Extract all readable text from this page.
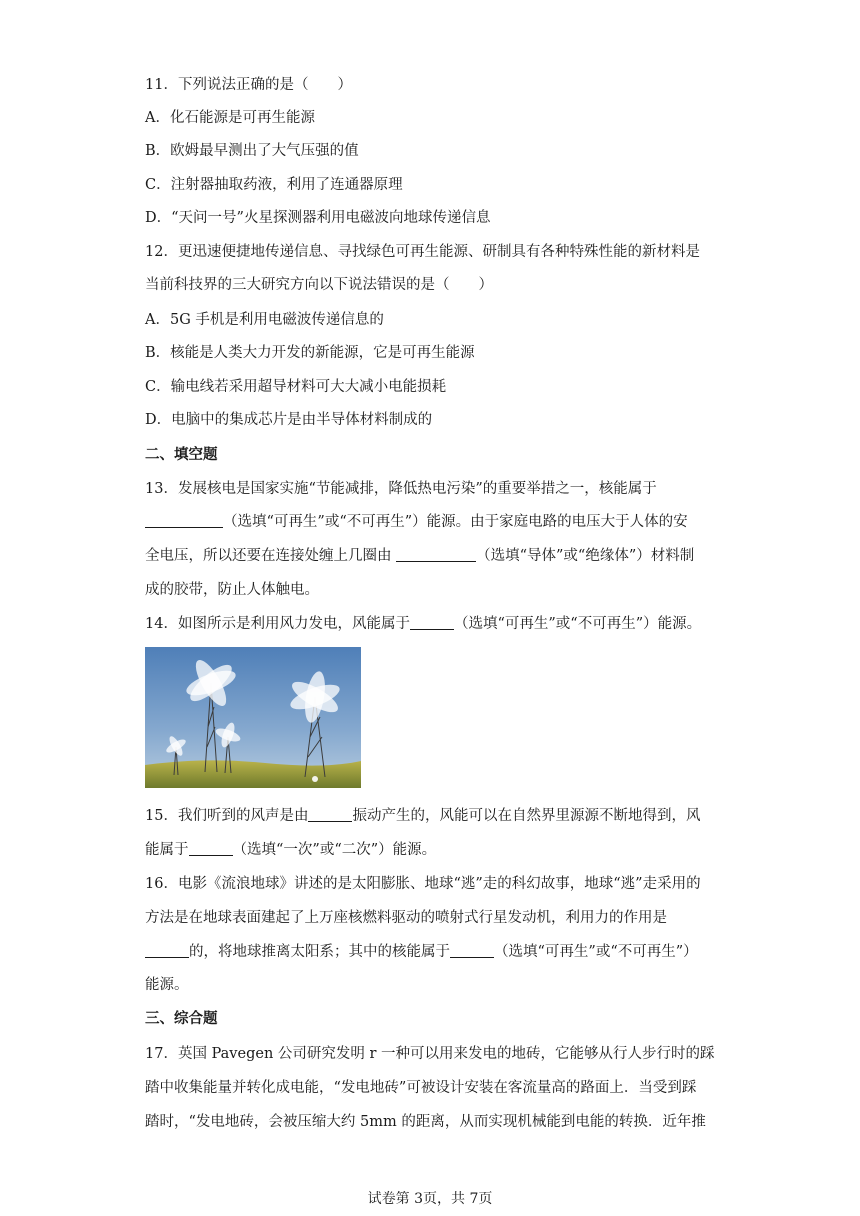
11．下列说法正确的是（　　）
A．化石能源是可再生能源
B．欧姆最早测出了大气压强的值
C．注射器抽取药液，利用了连通器原理
D．“天问一号”火星探测器利用电磁波向地球传递信息
12．更迅速便捷地传递信息、寻找绿色可再生能源、研制具有各种特殊性能的新材料是
当前科技界的三大研究方向以下说法错误的是（　　）
A．5G 手机是利用电磁波传递信息的
B．核能是人类大力开发的新能源，它是可再生能源
C．输电线若采用超导材料可大大减小电能损耗
D．电脑中的集成芯片是由半导体材料制成的
二、填空题
13．发展核电是国家实施“节能减排，降低热电污染”的重要举措之一，核能属于
（选填“可再生”或“不可再生”）能源。由于家庭电路的电压大于人体的安
全电压，所以还要在连接处缠上几圈由	（选填“导体”或“绝缘体”）材料制
成的胶带，防止人体触电。
14．如图所示是利用风力发电，风能属于	（选填“可再生”或“不可再生”）能源。
15．我们听到的风声是由	振动产生的，风能可以在自然界里源源不断地得到，风
能属于	（选填“一次”或“二次”）能源。
16．电影《流浪地球》讲述的是太阳膨胀、地球“逃”走的科幻故事，地球“逃”走采用的
方法是在地球表面建起了上万座核燃料驱动的喷射式行星发动机，利用力的作用是
的，将地球推离太阳系；其中的核能属于	（选填“可再生”或“不可再生”）
能源。
三、综合题
17．英国 Pavegen 公司研究发明 r 一种可以用来发电的地砖，它能够从行人步行时的踩
踏中收集能量并转化成电能，“发电地砖”可被设计安装在客流量高的路面上．当受到踩
踏时，“发电地砖，会被压缩大约 5mm 的距离，从而实现机械能到电能的转换．近年推
试卷第 3页，共 7页
